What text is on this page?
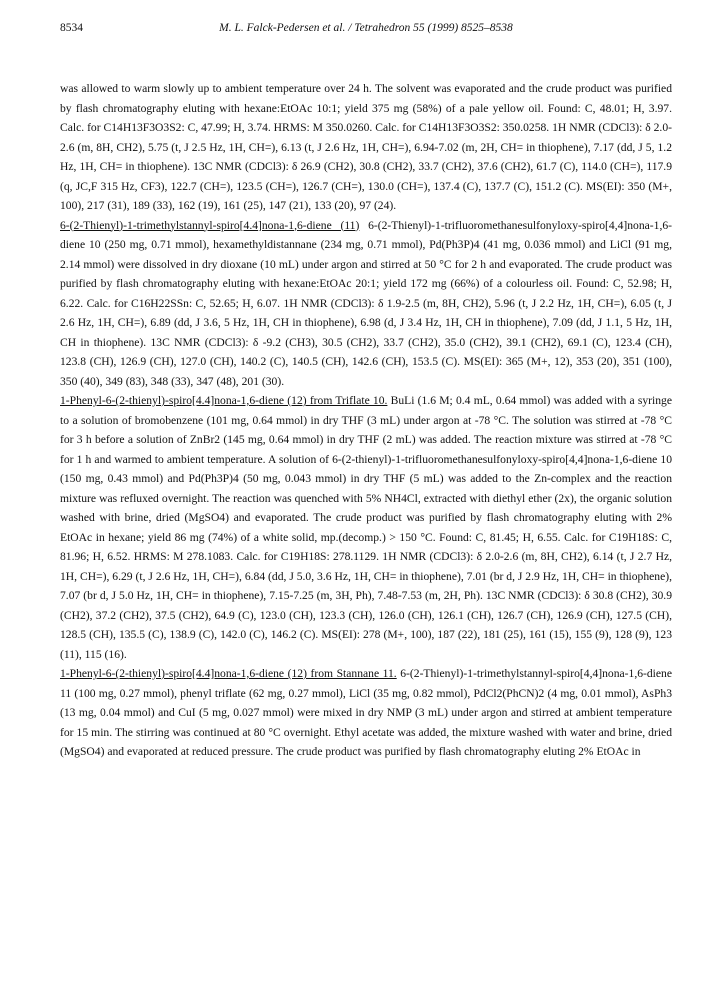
8534	M. L. Falck-Pedersen et al. / Tetrahedron 55 (1999) 8525–8538

was allowed to warm slowly up to ambient temperature over 24 h. The solvent was evaporated and the crude product was purified by flash chromatography eluting with hexane:EtOAc 10:1; yield 375 mg (58%) of a pale yellow oil. Found: C, 48.01; H, 3.97. Calc. for C14H13F3O3S2: C, 47.99; H, 3.74. HRMS: M 350.0260. Calc. for C14H13F3O3S2: 350.0258. 1H NMR (CDCl3): δ 2.0-2.6 (m, 8H, CH2), 5.75 (t, J 2.5 Hz, 1H, CH=), 6.13 (t, J 2.6 Hz, 1H, CH=), 6.94-7.02 (m, 2H, CH= in thiophene), 7.17 (dd, J 5, 1.2 Hz, 1H, CH= in thiophene). 13C NMR (CDCl3): δ 26.9 (CH2), 30.8 (CH2), 33.7 (CH2), 37.6 (CH2), 61.7 (C), 114.0 (CH=), 117.9 (q, JC,F 315 Hz, CF3), 122.7 (CH=), 123.5 (CH=), 126.7 (CH=), 130.0 (CH=), 137.4 (C), 137.7 (C), 151.2 (C). MS(EI): 350 (M+, 100), 217 (31), 189 (33), 162 (19), 161 (25), 147 (21), 133 (20), 97 (24).

6-(2-Thienyl)-1-trimethylstannyl-spiro[4.4]nona-1,6-diene (11) 6-(2-Thienyl)-1-trifluoromethanesulfonyloxy-spiro[4,4]nona-1,6-diene 10 (250 mg, 0.71 mmol), hexamethyldistannane (234 mg, 0.71 mmol), Pd(Ph3P)4 (41 mg, 0.036 mmol) and LiCl (91 mg, 2.14 mmol) were dissolved in dry dioxane (10 mL) under argon and stirred at 50 °C for 2 h and evaporated. The crude product was purified by flash chromatography eluting with hexane:EtOAc 20:1; yield 172 mg (66%) of a colourless oil. Found: C, 52.98; H, 6.22. Calc. for C16H22SSn: C, 52.65; H, 6.07. 1H NMR (CDCl3): δ 1.9-2.5 (m, 8H, CH2), 5.96 (t, J 2.2 Hz, 1H, CH=), 6.05 (t, J 2.6 Hz, 1H, CH=), 6.89 (dd, J 3.6, 5 Hz, 1H, CH in thiophene), 6.98 (d, J 3.4 Hz, 1H, CH in thiophene), 7.09 (dd, J 1.1, 5 Hz, 1H, CH in thiophene). 13C NMR (CDCl3): δ -9.2 (CH3), 30.5 (CH2), 33.7 (CH2), 35.0 (CH2), 39.1 (CH2), 69.1 (C), 123.4 (CH), 123.8 (CH), 126.9 (CH), 127.0 (CH), 140.2 (C), 140.5 (CH), 142.6 (CH), 153.5 (C). MS(EI): 365 (M+, 12), 353 (20), 351 (100), 350 (40), 349 (83), 348 (33), 347 (48), 201 (30).

1-Phenyl-6-(2-thienyl)-spiro[4.4]nona-1,6-diene (12) from Triflate 10. BuLi (1.6 M; 0.4 mL, 0.64 mmol) was added with a syringe to a solution of bromobenzene (101 mg, 0.64 mmol) in dry THF (3 mL) under argon at -78 °C. The solution was stirred at -78 °C for 3 h before a solution of ZnBr2 (145 mg, 0.64 mmol) in dry THF (2 mL) was added. The reaction mixture was stirred at -78 °C for 1 h and warmed to ambient temperature. A solution of 6-(2-thienyl)-1-trifluoromethanesulfonyloxy-spiro[4,4]nona-1,6-diene 10 (150 mg, 0.43 mmol) and Pd(Ph3P)4 (50 mg, 0.043 mmol) in dry THF (5 mL) was added to the Zn-complex and the reaction mixture was refluxed overnight. The reaction was quenched with 5% NH4Cl, extracted with diethyl ether (2x), the organic solution washed with brine, dried (MgSO4) and evaporated. The crude product was purified by flash chromatography eluting with 2% EtOAc in hexane; yield 86 mg (74%) of a white solid, mp.(decomp.) > 150 °C. Found: C, 81.45; H, 6.55. Calc. for C19H18S: C, 81.96; H, 6.52. HRMS: M 278.1083. Calc. for C19H18S: 278.1129. 1H NMR (CDCl3): δ 2.0-2.6 (m, 8H, CH2), 6.14 (t, J 2.7 Hz, 1H, CH=), 6.29 (t, J 2.6 Hz, 1H, CH=), 6.84 (dd, J 5.0, 3.6 Hz, 1H, CH= in thiophene), 7.01 (br d, J 2.9 Hz, 1H, CH= in thiophene), 7.07 (br d, J 5.0 Hz, 1H, CH= in thiophene), 7.15-7.25 (m, 3H, Ph), 7.48-7.53 (m, 2H, Ph). 13C NMR (CDCl3): δ 30.8 (CH2), 30.9 (CH2), 37.2 (CH2), 37.5 (CH2), 64.9 (C), 123.0 (CH), 123.3 (CH), 126.0 (CH), 126.1 (CH), 126.7 (CH), 126.9 (CH), 127.5 (CH), 128.5 (CH), 135.5 (C), 138.9 (C), 142.0 (C), 146.2 (C). MS(EI): 278 (M+, 100), 187 (22), 181 (25), 161 (15), 155 (9), 128 (9), 123 (11), 115 (16).

1-Phenyl-6-(2-thienyl)-spiro[4.4]nona-1,6-diene (12) from Stannane 11. 6-(2-Thienyl)-1-trimethylstannyl-spiro[4,4]nona-1,6-diene 11 (100 mg, 0.27 mmol), phenyl triflate (62 mg, 0.27 mmol), LiCl (35 mg, 0.82 mmol), PdCl2(PhCN)2 (4 mg, 0.01 mmol), AsPh3 (13 mg, 0.04 mmol) and CuI (5 mg, 0.027 mmol) were mixed in dry NMP (3 mL) under argon and stirred at ambient temperature for 15 min. The stirring was continued at 80 °C overnight. Ethyl acetate was added, the mixture washed with water and brine, dried (MgSO4) and evaporated at reduced pressure. The crude product was purified by flash chromatography eluting 2% EtOAc in
